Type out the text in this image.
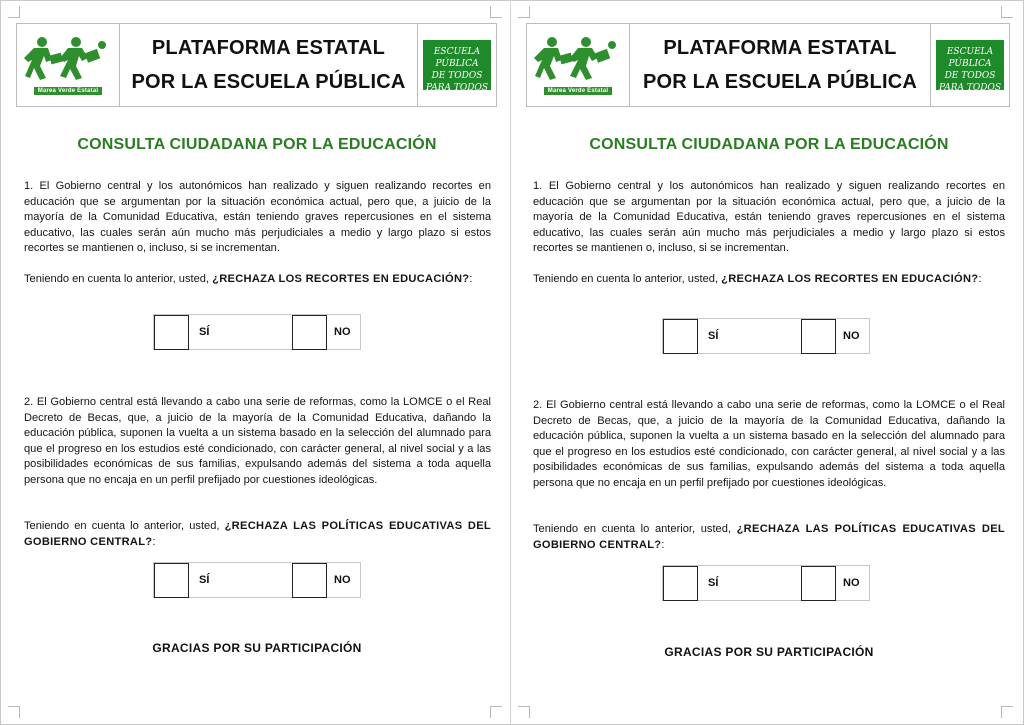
Marea Verde Estatal
PLATAFORMA ESTATAL
POR LA ESCUELA PÚBLICA
ESCUELA PÚBLICA
DE TODOS
PARA TODOS
CONSULTA CIUDADANA POR LA EDUCACIÓN
1. El Gobierno central y los autonómicos han realizado y siguen realizando recortes en educación que se argumentan por la situación económica actual, pero que, a juicio de la mayoría de la Comunidad Educativa, están teniendo graves repercusiones en el sistema educativo, las cuales serán aún mucho más perjudiciales a medio y largo plazo si estos recortes se mantienen o, incluso, si se incrementan.
Teniendo en cuenta lo anterior, usted, ¿RECHAZA LOS RECORTES EN EDUCACIÓN?:
SÍ	NO
2. El Gobierno central está llevando a cabo una serie de reformas, como la LOMCE o el Real Decreto de Becas, que, a juicio de la mayoría de la Comunidad Educativa, dañando la educación pública, suponen la vuelta a un sistema basado en la selección del alumnado para que el progreso en los estudios esté condicionado, con carácter general, al nivel social y a las posibilidades económicas de sus familias, expulsando además del sistema a toda aquella persona que no encaja en un perfil prefijado por cuestiones ideológicas.
Teniendo en cuenta lo anterior, usted, ¿RECHAZA LAS POLÍTICAS EDUCATIVAS DEL GOBIERNO CENTRAL?:
SÍ	NO
GRACIAS POR SU PARTICIPACIÓN
Marea Verde Estatal
PLATAFORMA ESTATAL
POR LA ESCUELA PÚBLICA
ESCUELA PÚBLICA
DE TODOS
PARA TODOS
CONSULTA CIUDADANA POR LA EDUCACIÓN
1. El Gobierno central y los autonómicos han realizado y siguen realizando recortes en educación que se argumentan por la situación económica actual, pero que, a juicio de la mayoría de la Comunidad Educativa, están teniendo graves repercusiones en el sistema educativo, las cuales serán aún mucho más perjudiciales a medio y largo plazo si estos recortes se mantienen o, incluso, si se incrementan.
Teniendo en cuenta lo anterior, usted, ¿RECHAZA LOS RECORTES EN EDUCACIÓN?:
SÍ	NO
2. El Gobierno central está llevando a cabo una serie de reformas, como la LOMCE o el Real Decreto de Becas, que, a juicio de la mayoría de la Comunidad Educativa, dañando la educación pública, suponen la vuelta a un sistema basado en la selección del alumnado para que el progreso en los estudios esté condicionado, con carácter general, al nivel social y a las posibilidades económicas de sus familias, expulsando además del sistema a toda aquella persona que no encaja en un perfil prefijado por cuestiones ideológicas.
Teniendo en cuenta lo anterior, usted, ¿RECHAZA LAS POLÍTICAS EDUCATIVAS DEL GOBIERNO CENTRAL?:
SÍ	NO
GRACIAS POR SU PARTICIPACIÓN
